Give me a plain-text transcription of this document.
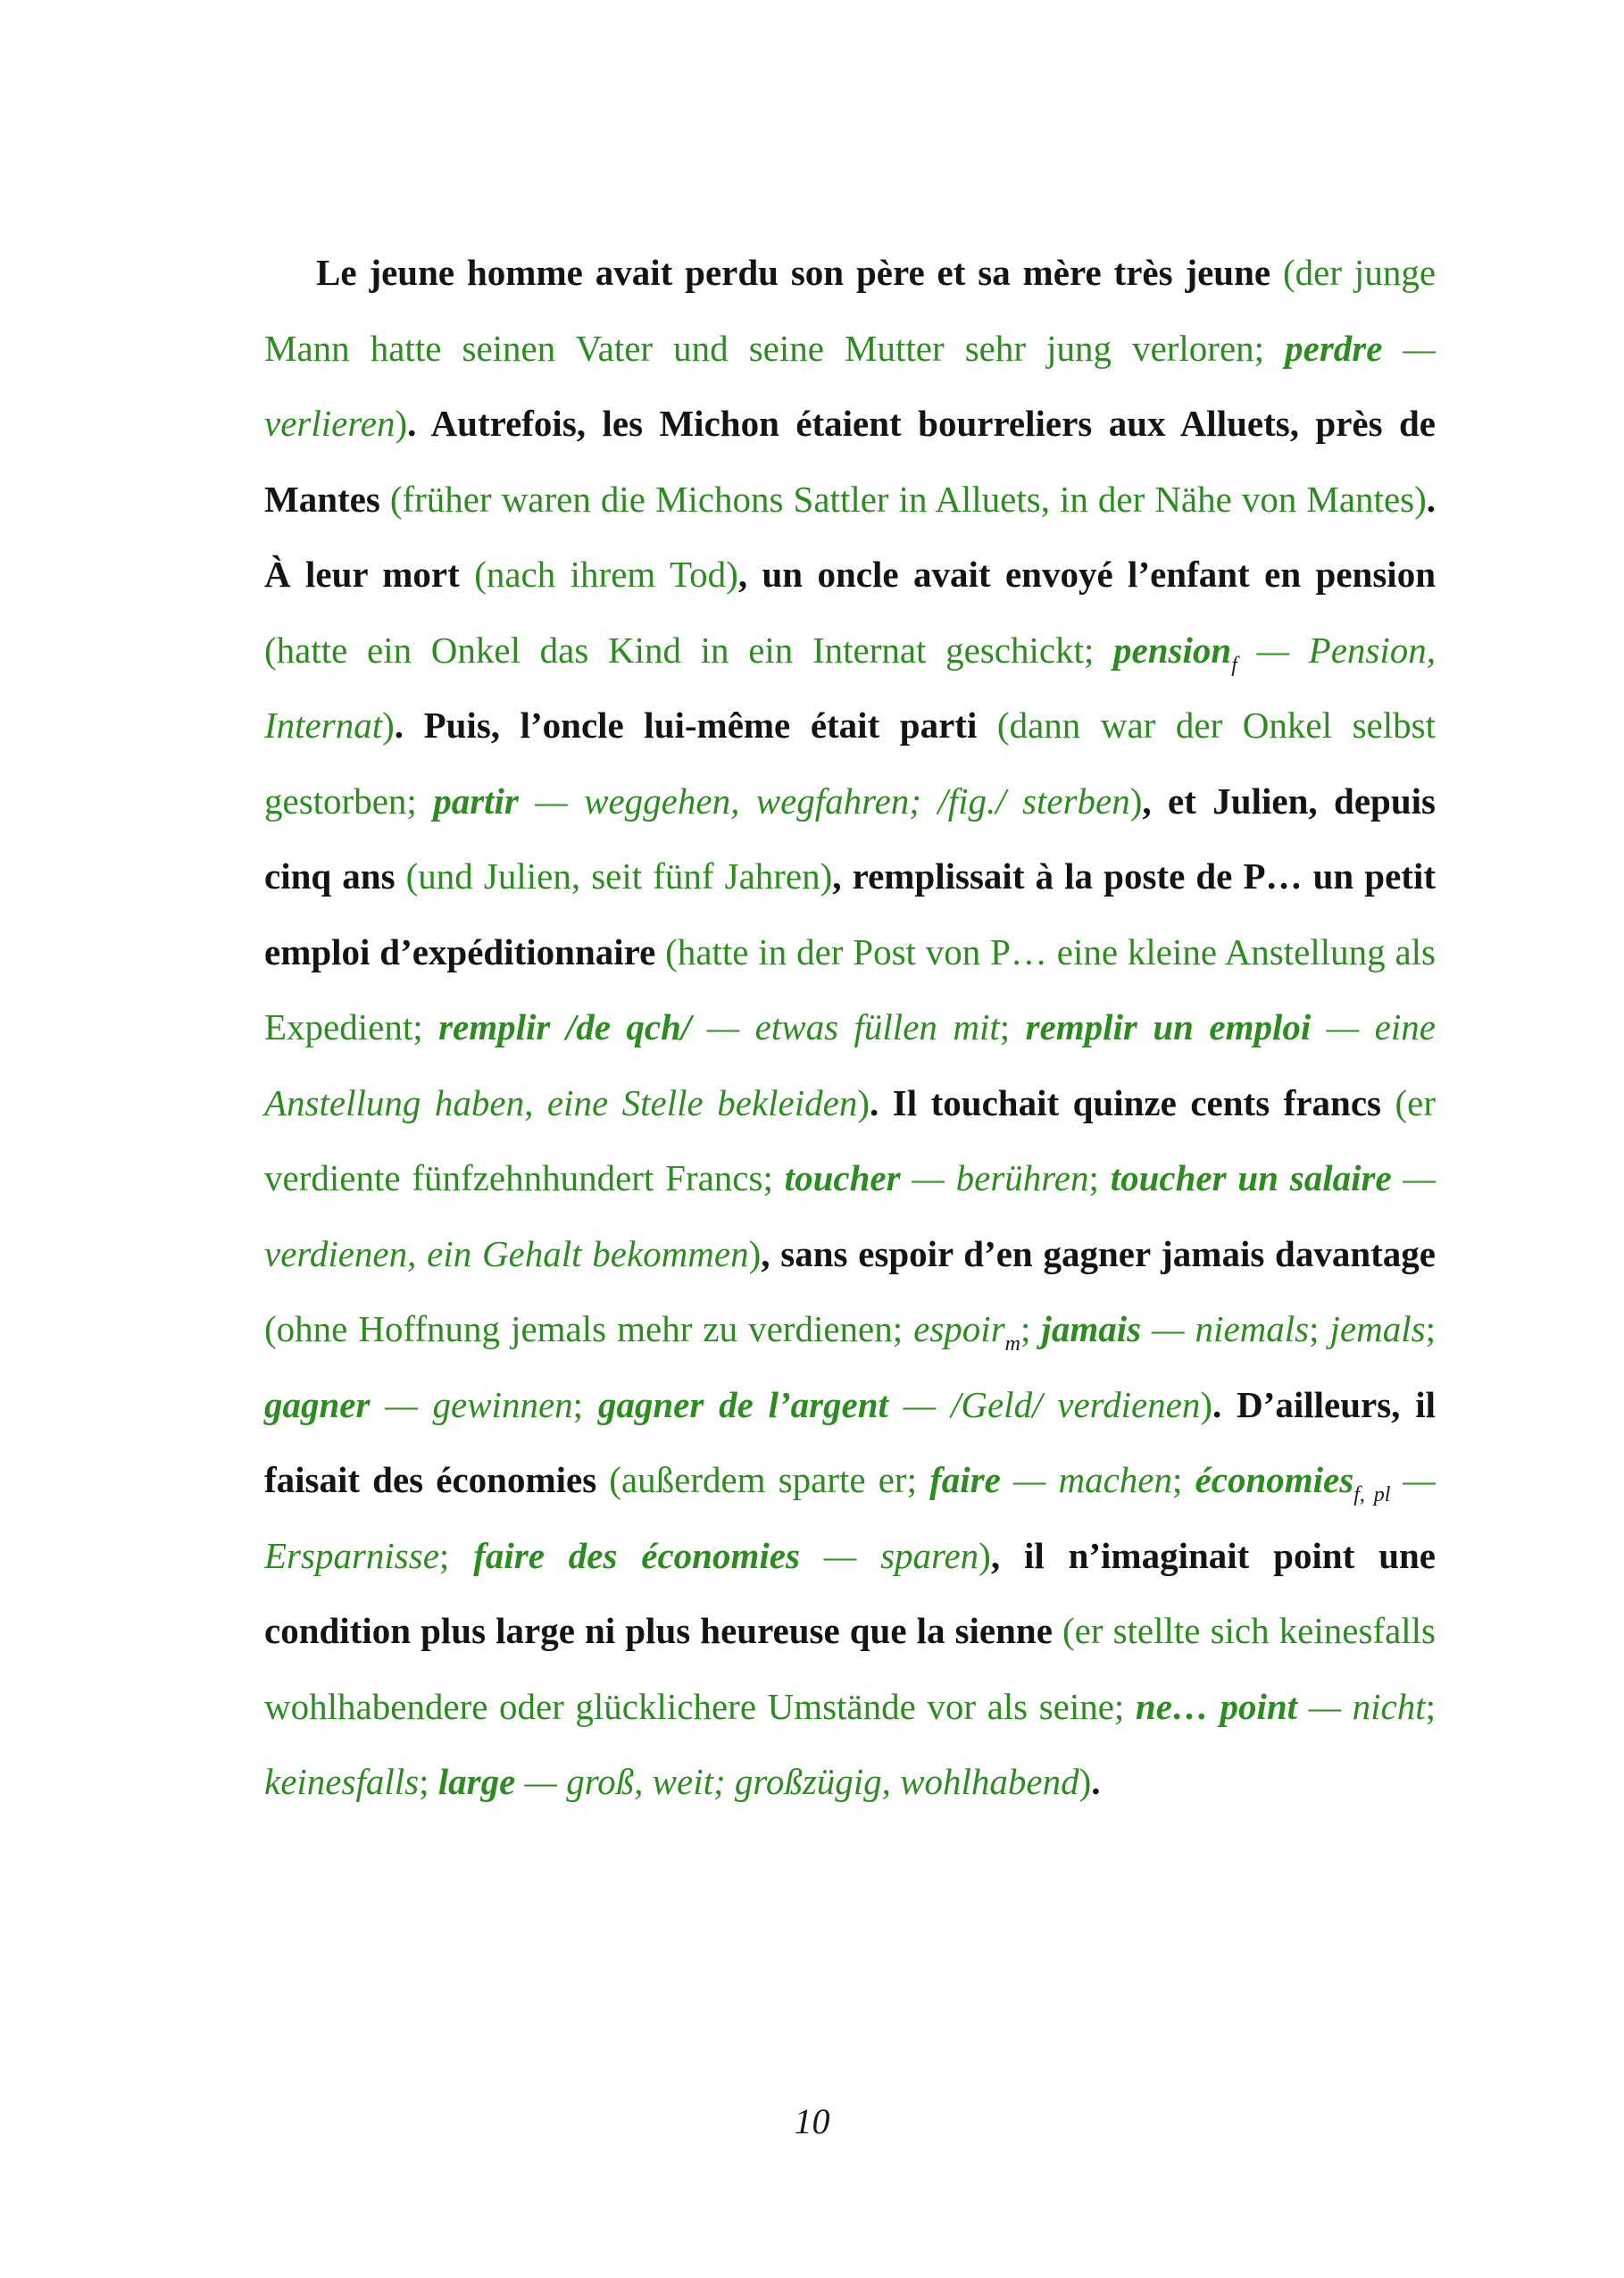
Le jeune homme avait perdu son père et sa mère très jeune (der junge Mann hatte seinen Vater und seine Mutter sehr jung verloren; perdre — verlieren). Autrefois, les Michon étaient bourreliers aux Alluets, près de Mantes (früher waren die Michons Sattler in Alluets, in der Nähe von Mantes). À leur mort (nach ihrem Tod), un oncle avait envoyé l’enfant en pension (hatte ein Onkel das Kind in ein Internat geschickt; pension$_f$ — Pension, Internat). Puis, l’oncle lui-même était parti (dann war der Onkel selbst gestorben; partir — weggehen, wegfahren; /fig./ sterben), et Julien, depuis cinq ans (und Julien, seit fünf Jahren), remplissait à la poste de P… un petit emploi d’expéditionnaire (hatte in der Post von P… eine kleine Anstellung als Expedient; remplir /de qch/ — etwas füllen mit; remplir un emploi — eine Anstellung haben, eine Stelle bekleiden). Il touchait quinze cents francs (er verdiente fünfzehnhundert Francs; toucher — berühren; toucher un salaire — verdienen, ein Gehalt bekommen), sans espoir d’en gagner jamais davantage (ohne Hoffnung jemals mehr zu verdienen; espoir$_m$; jamais — niemals; jemals; gagner — gewinnen; gagner de l’argent — /Geld/ verdienen). D’ailleurs, il faisait des économies (außerdem sparte er; faire — machen; économies$_{f, pl}$ — Ersparnisse; faire des économies — sparen), il n’imaginait point une condition plus large ni plus heureuse que la sienne (er stellte sich keinesfalls wohlhabendere oder glücklichere Umstände vor als seine; ne… point — nicht; keinesfalls; large — groß, weit; großzügig, wohlhabend).

10
